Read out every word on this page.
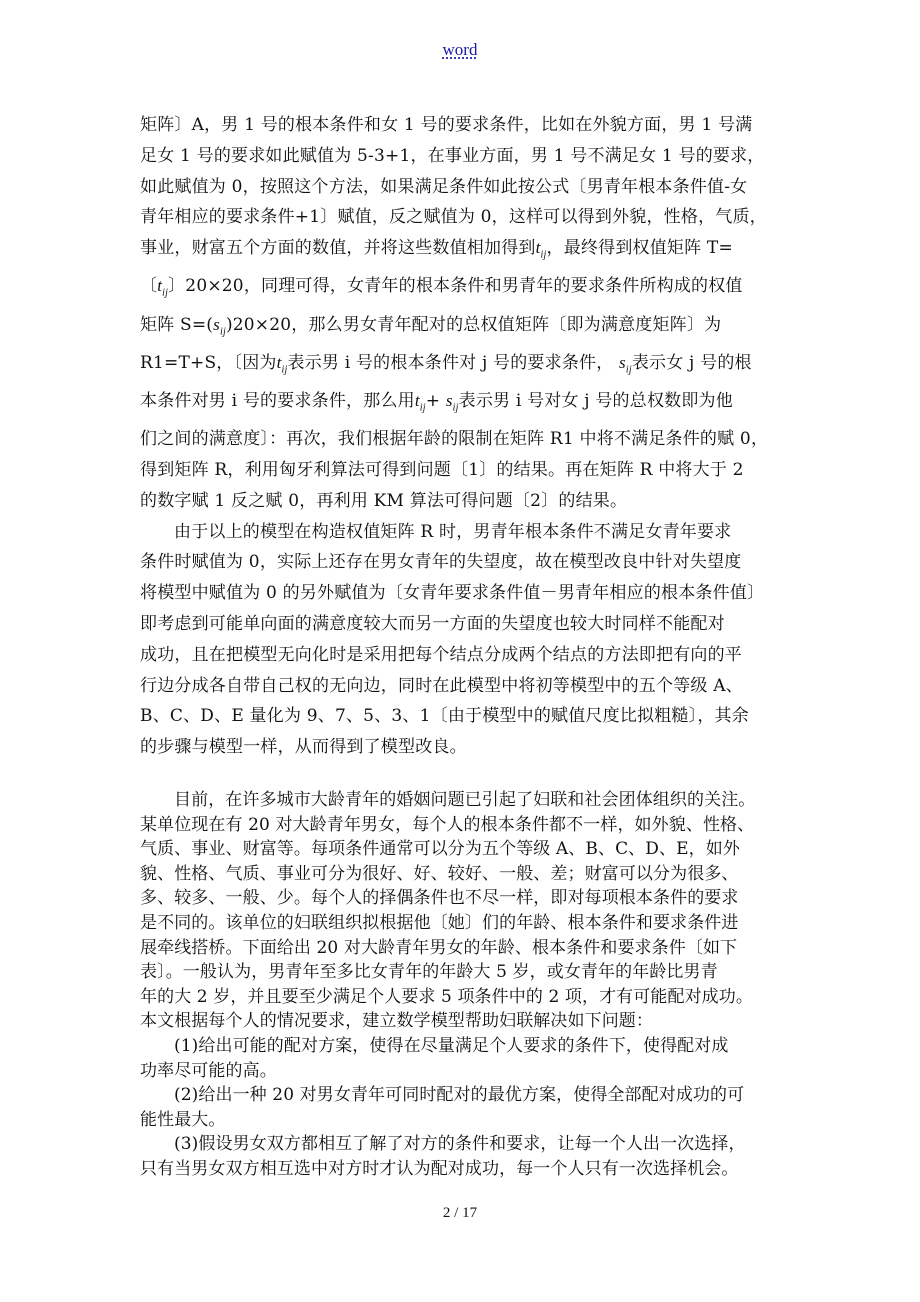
word

矩阵〕A，男 1 号的根本条件和女 1 号的要求条件，比如在外貌方面，男 1 号满
足女 1 号的要求如此赋值为 5-3+1，在事业方面，男 1 号不满足女 1 号的要求，
如此赋值为 0，按照这个方法，如果满足条件如此按公式〔男青年根本条件值-女
青年相应的要求条件+1〕赋值，反之赋值为 0，这样可以得到外貌，性格，气质，
事业，财富五个方面的数值，并将这些数值相加得到$t_{ij}$，最终得到权值矩阵 T=
〔$t_{ij}$〕20×20，同理可得，女青年的根本条件和男青年的要求条件所构成的权值
矩阵 $S=(s_{ij})20\times 20$，那么男女青年配对的总权值矩阵〔即为满意度矩阵〕为
R1=T+S，〔因为$t_{ij}$表示男 i 号的根本条件对 j 号的要求条件， $s_{ij}$表示女 j 号的根
本条件对男 i 号的要求条件，那么用$t_{ij}+ s_{ij}$表示男 i 号对女 j 号的总权数即为他
们之间的满意度〕：再次，我们根据年龄的限制在矩阵 R1 中将不满足条件的赋 0，
得到矩阵 R，利用匈牙利算法可得到问题〔1〕的结果。再在矩阵 R 中将大于 2
的数字赋 1 反之赋 0，再利用 KM 算法可得问题〔2〕的结果。

由于以上的模型在构造权值矩阵 R 时，男青年根本条件不满足女青年要求
条件时赋值为 0，实际上还存在男女青年的失望度，故在模型改良中针对失望度
将模型中赋值为 0 的另外赋值为〔女青年要求条件值－男青年相应的根本条件值〕
即考虑到可能单向面的满意度较大而另一方面的失望度也较大时同样不能配对
成功，且在把模型无向化时是采用把每个结点分成两个结点的方法即把有向的平
行边分成各自带自己权的无向边，同时在此模型中将初等模型中的五个等级 A、
B、C、D、E 量化为 9、7、5、3、1〔由于模型中的赋值尺度比拟粗糙〕，其余
的步骤与模型一样，从而得到了模型改良。

目前，在许多城市大龄青年的婚姻问题已引起了妇联和社会团体组织的关注。
某单位现在有 20 对大龄青年男女，每个人的根本条件都不一样，如外貌、性格、
气质、事业、财富等。每项条件通常可以分为五个等级 A、B、C、D、E，如外
貌、性格、气质、事业可分为很好、好、较好、一般、差；财富可以分为很多、
多、较多、一般、少。每个人的择偶条件也不尽一样，即对每项根本条件的要求
是不同的。该单位的妇联组织拟根据他〔她〕们的年龄、根本条件和要求条件进
展牵线搭桥。下面给出 20 对大龄青年男女的年龄、根本条件和要求条件〔如下
表〕。一般认为，男青年至多比女青年的年龄大 5 岁，或女青年的年龄比男青
年的大 2 岁，并且要至少满足个人要求 5 项条件中的 2 项，才有可能配对成功。
本文根据每个人的情况要求，建立数学模型帮助妇联解决如下问题：
(1)给出可能的配对方案，使得在尽量满足个人要求的条件下，使得配对成
功率尽可能的高。
(2)给出一种 20 对男女青年可同时配对的最优方案，使得全部配对成功的可
能性最大。
(3)假设男女双方都相互了解了对方的条件和要求，让每一个人出一次选择，
只有当男女双方相互选中对方时才认为配对成功，每一个人只有一次选择机会。

2 / 17
